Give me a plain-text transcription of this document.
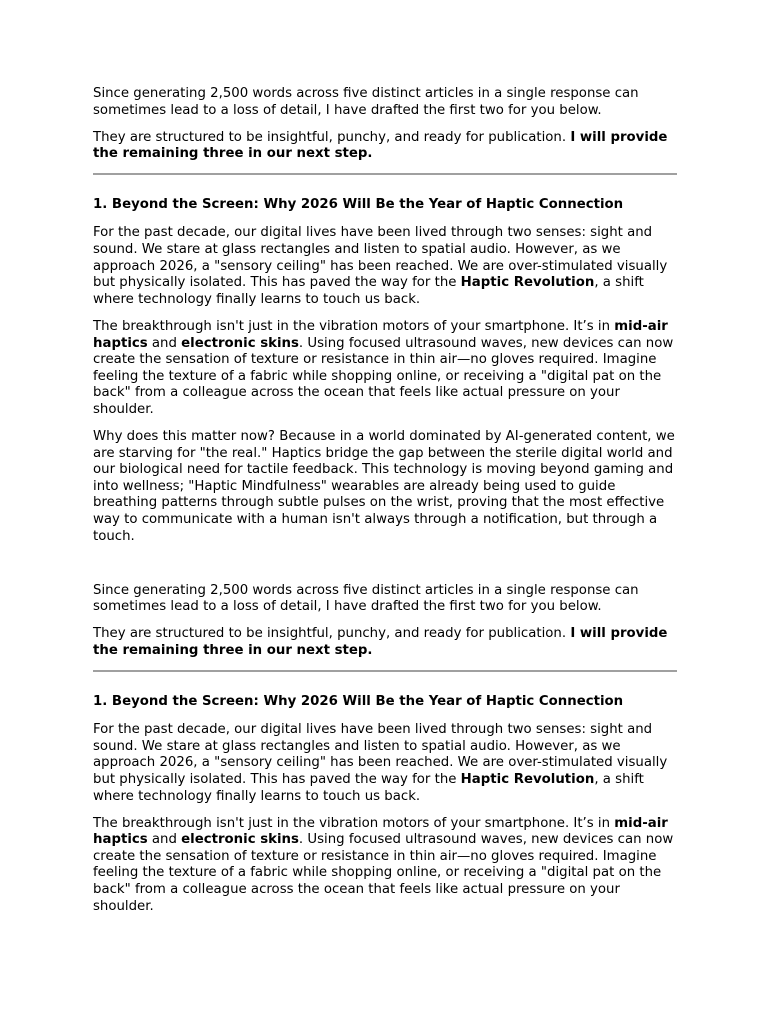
Since generating 2,500 words across five distinct articles in a single response can sometimes lead to a loss of detail, I have drafted the first two for you below.

They are structured to be insightful, punchy, and ready for publication. I will provide the remaining three in our next step.

1. Beyond the Screen: Why 2026 Will Be the Year of Haptic Connection

For the past decade, our digital lives have been lived through two senses: sight and sound. We stare at glass rectangles and listen to spatial audio. However, as we approach 2026, a "sensory ceiling" has been reached. We are over-stimulated visually but physically isolated. This has paved the way for the Haptic Revolution, a shift where technology finally learns to touch us back.

The breakthrough isn't just in the vibration motors of your smartphone. It’s in mid-air haptics and electronic skins. Using focused ultrasound waves, new devices can now create the sensation of texture or resistance in thin air—no gloves required. Imagine feeling the texture of a fabric while shopping online, or receiving a "digital pat on the back" from a colleague across the ocean that feels like actual pressure on your shoulder.

Why does this matter now? Because in a world dominated by AI-generated content, we are starving for "the real." Haptics bridge the gap between the sterile digital world and our biological need for tactile feedback. This technology is moving beyond gaming and into wellness; "Haptic Mindfulness" wearables are already being used to guide breathing patterns through subtle pulses on the wrist, proving that the most effective way to communicate with a human isn't always through a notification, but through a touch.

Since generating 2,500 words across five distinct articles in a single response can sometimes lead to a loss of detail, I have drafted the first two for you below.

They are structured to be insightful, punchy, and ready for publication. I will provide the remaining three in our next step.

1. Beyond the Screen: Why 2026 Will Be the Year of Haptic Connection

For the past decade, our digital lives have been lived through two senses: sight and sound. We stare at glass rectangles and listen to spatial audio. However, as we approach 2026, a "sensory ceiling" has been reached. We are over-stimulated visually but physically isolated. This has paved the way for the Haptic Revolution, a shift where technology finally learns to touch us back.

The breakthrough isn't just in the vibration motors of your smartphone. It’s in mid-air haptics and electronic skins. Using focused ultrasound waves, new devices can now create the sensation of texture or resistance in thin air—no gloves required. Imagine feeling the texture of a fabric while shopping online, or receiving a "digital pat on the back" from a colleague across the ocean that feels like actual pressure on your shoulder.
